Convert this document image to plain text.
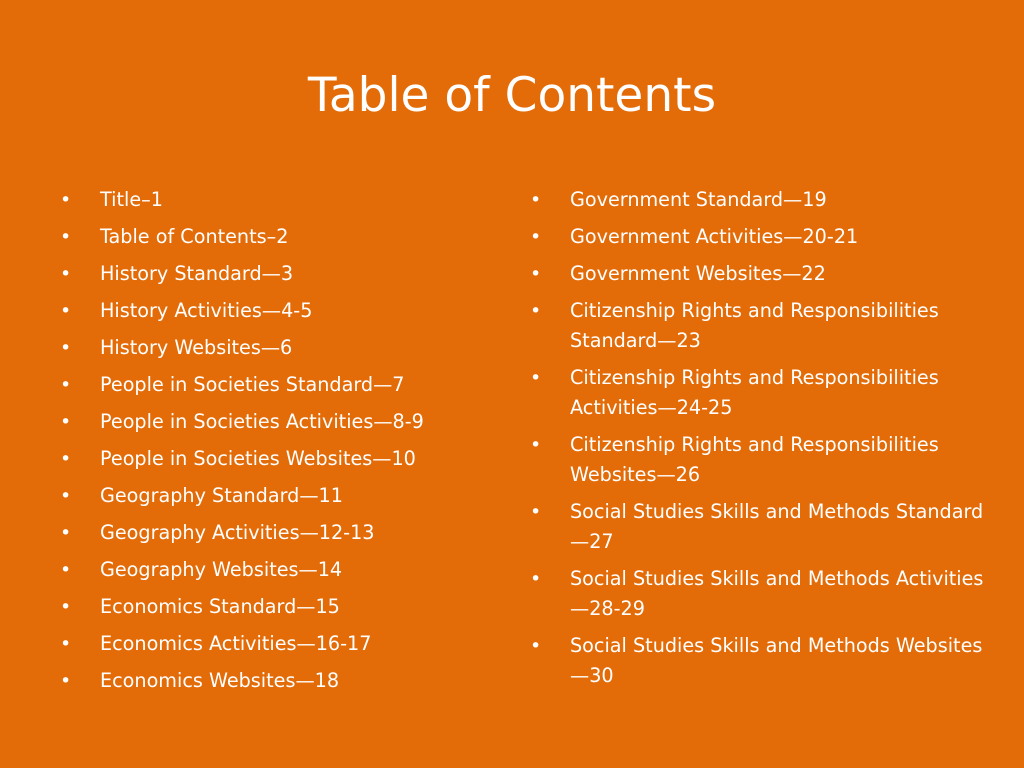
Table of Contents
•	Title–1
•	Table of Contents–2
•	History Standard—3
•	History Activities—4-5
•	History Websites—6
•	People in Societies Standard—7
•	People in Societies Activities—8-9
•	People in Societies Websites—10
•	Geography Standard—11
•	Geography Activities—12-13
•	Geography Websites—14
•	Economics Standard—15
•	Economics Activities—16-17
•	Economics Websites—18
•	Government Standard—19
•	Government Activities—20-21
•	Government Websites—22
•	Citizenship Rights and Responsibilities Standard—23
•	Citizenship Rights and Responsibilities Activities—24-25
•	Citizenship Rights and Responsibilities Websites—26
•	Social Studies Skills and Methods Standard—27
•	Social Studies Skills and Methods Activities—28-29
•	Social Studies Skills and Methods Websites—30
